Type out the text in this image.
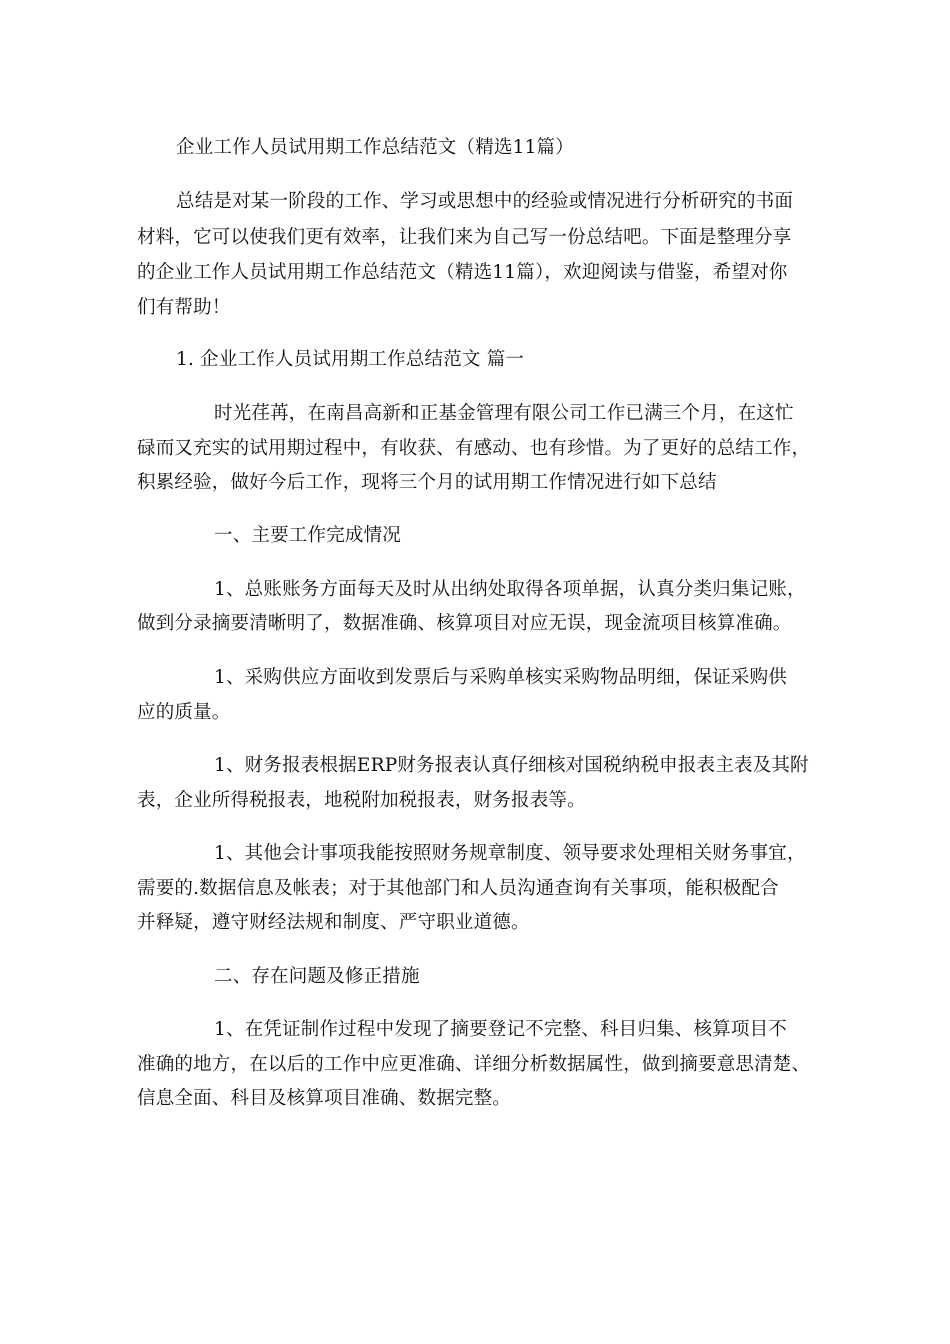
企业工作人员试用期工作总结范文（精选11篇）
总结是对某一阶段的工作、学习或思想中的经验或情况进行分析研究的书面
材料，它可以使我们更有效率，让我们来为自己写一份总结吧。下面是整理分享
的企业工作人员试用期工作总结范文（精选11篇），欢迎阅读与借鉴，希望对你
们有帮助！
1. 企业工作人员试用期工作总结范文 篇一
时光荏苒，在南昌高新和正基金管理有限公司工作已满三个月，在这忙
碌而又充实的试用期过程中，有收获、有感动、也有珍惜。为了更好的总结工作，
积累经验，做好今后工作，现将三个月的试用期工作情况进行如下总结
一、主要工作完成情况
1、总账账务方面每天及时从出纳处取得各项单据，认真分类归集记账，
做到分录摘要清晰明了，数据准确、核算项目对应无误，现金流项目核算准确。
1、采购供应方面收到发票后与采购单核实采购物品明细，保证采购供
应的质量。
1、财务报表根据ERP财务报表认真仔细核对国税纳税申报表主表及其附
表，企业所得税报表，地税附加税报表，财务报表等。
1、其他会计事项我能按照财务规章制度、领导要求处理相关财务事宜，
需要的.数据信息及帐表；对于其他部门和人员沟通查询有关事项，能积极配合
并释疑，遵守财经法规和制度、严守职业道德。
二、存在问题及修正措施
1、在凭证制作过程中发现了摘要登记不完整、科目归集、核算项目不
准确的地方，在以后的工作中应更准确、详细分析数据属性，做到摘要意思清楚、
信息全面、科目及核算项目准确、数据完整。
